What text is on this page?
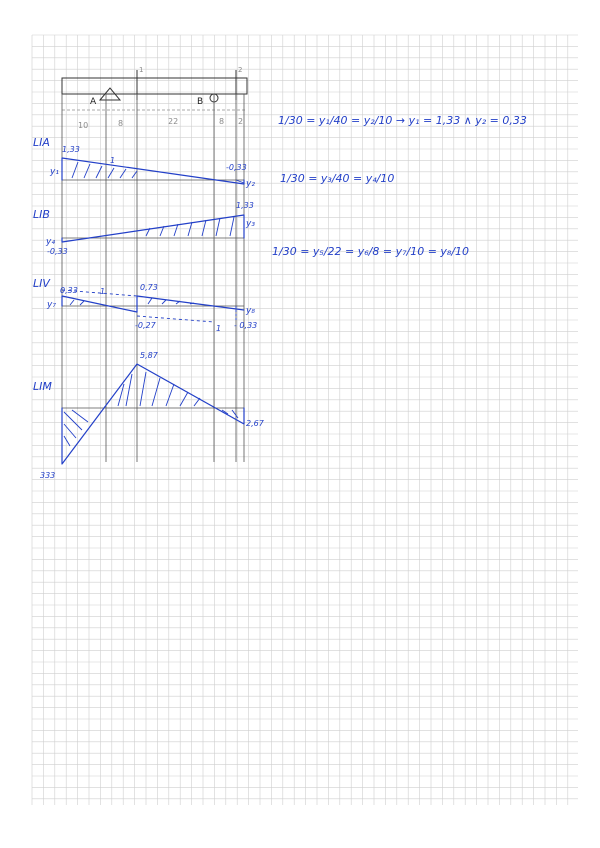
1	2
A	B
10	8	22	8 2
LIA
1,33
1
-0,33
y₁
y₂
LIB
1,33
-0,33
y₄
y₃
LIV
0,33	1	0,73
y₇
y₈
-0,27	1 - 0,33
LIM
5,87
2,67
333
1/30 = y₁/40 = y₂/10 → y₁ = 1,33 ∧ y₂ = 0,33
1/30 = y₃/40 = y₄/10
1/30 = y₅/22 = y₆/8 = y₇/10 = y₈/10
